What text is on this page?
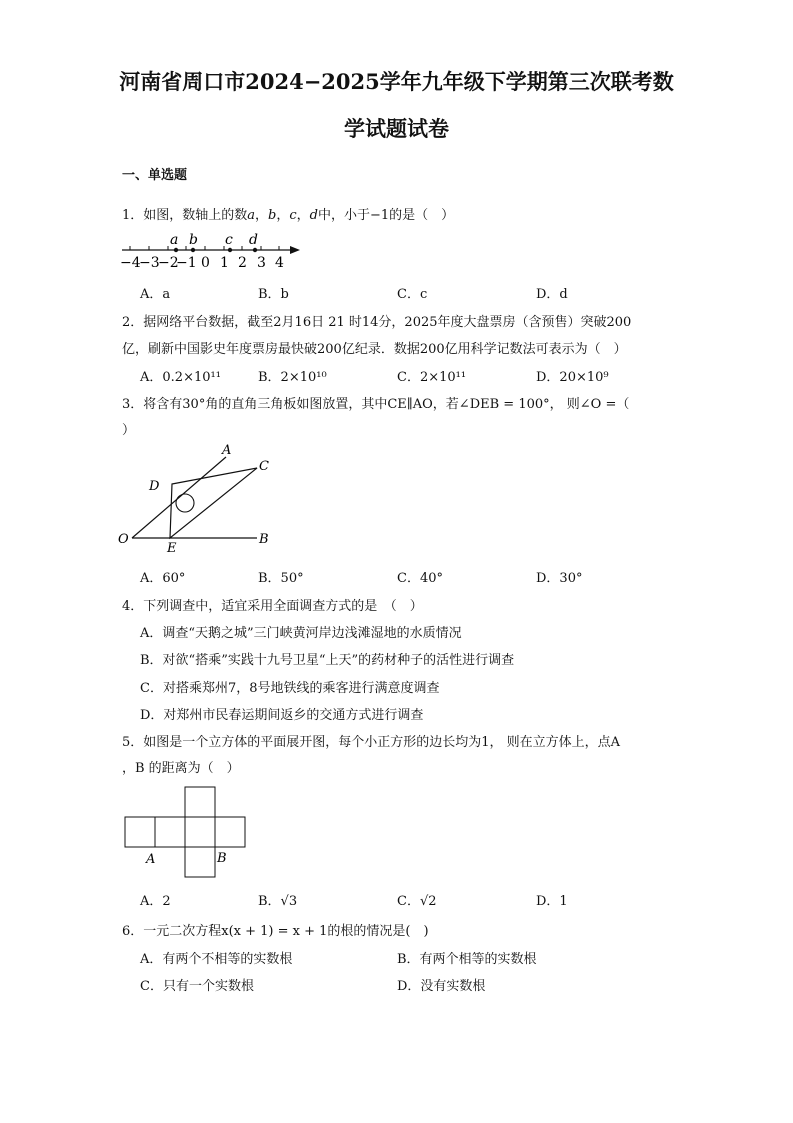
河南省周口市2024−2025学年九年级下学期第三次联考数
学试题试卷
一、单选题
1．如图，数轴上的数𝑎，𝑏，𝑐，𝑑中，小于−1的是（　）
a b c d
−4
−3
−2
−1 0 1 2 3 4
A．a	B．b	C．c	D．d
2．据网络平台数据，截至2月16日 21 时14分，2025年度大盘票房（含预售）突破200
亿，刷新中国影史年度票房最快破200亿纪录．数据200亿用科学记数法可表示为（　）
A．0.2×10¹¹	B．2×10¹⁰	C．2×10¹¹	D．20×10⁹
3．将含有30°角的直角三角板如图放置，其中CE∥AO，若∠DEB = 100°， 则∠O =（
）
A
C
D
O
E
B
A．60°	B．50°	C．40°	D．30°
4．下列调查中，适宜采用全面调查方式的是　（　）
A．调查“天鹅之城”三门峡黄河岸边浅滩湿地的水质情况
B．对欲“搭乘”实践十九号卫星“上天”的药材种子的活性进行调查
C．对搭乘郑州7，8号地铁线的乘客进行满意度调查
D．对郑州市民春运期间返乡的交通方式进行调查
5．如图是一个立方体的平面展开图，每个小正方形的边长均为1， 则在立方体上，点A
，B 的距离为（　）
A	B
A．2	B．√3	C．√2	D．1
6．一元二次方程x(x + 1) = x + 1的根的情况是(　)
A．有两个不相等的实数根	B．有两个相等的实数根
C．只有一个实数根	D．没有实数根
